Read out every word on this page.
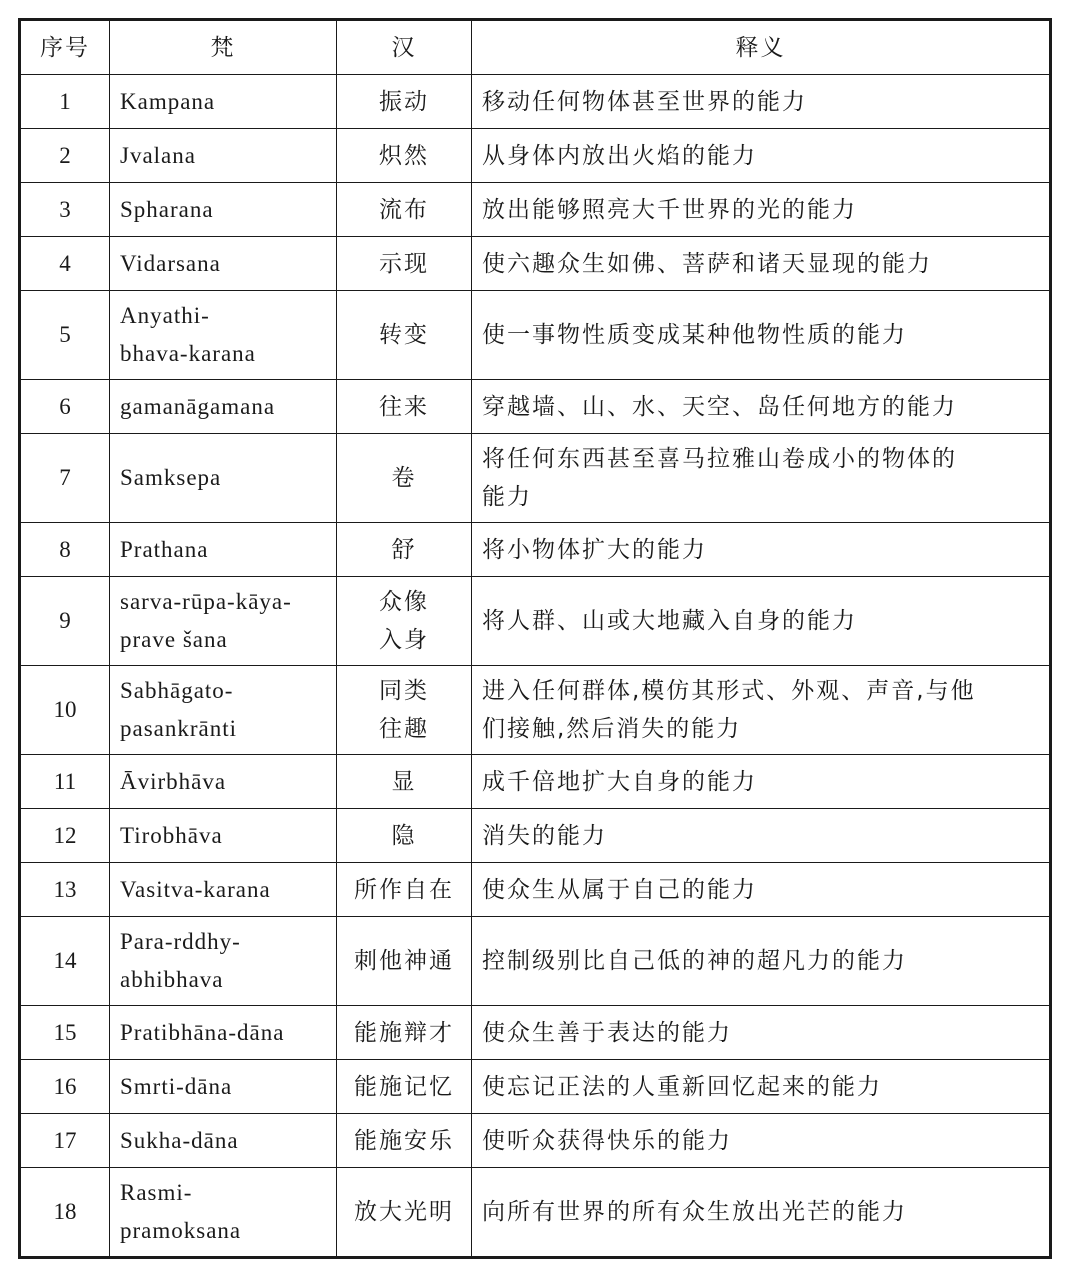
序号	梵	汉	释义
1	Kampana	振动	移动任何物体甚至世界的能力

2	Jvalana	炽然	从身体内放出火焰的能力

3	Spharana	流布	放出能够照亮大千世界的光的能力

4	Vidarsana	示现	使六趣众生如佛、菩萨和诸天显现的能力

5	Anyathi-
bhava-karana	转变	使一事物性质变成某种他物性质的能力

6	gamanāgamana	往来	穿越墙、山、水、天空、岛任何地方的能力

7	Samksepa	卷	将任何东西甚至喜马拉雅山卷成小的物体的
能力

8	Prathana	舒	将小物体扩大的能力

9	sarva-rūpa-kāya-
prave šana	众像
入身	将人群、山或大地藏入自身的能力

10	Sabhāgato-
pasankrānti	同类
往趣	进入任何群体,模仿其形式、外观、声音,与他
们接触,然后消失的能力

11	Āvirbhāva	显	成千倍地扩大自身的能力

12	Tirobhāva	隐	消失的能力

13	Vasitva-karana	所作自在	使众生从属于自己的能力

14	Para-rddhy-
abhibhava	刺他神通	控制级别比自己低的神的超凡力的能力

15	Pratibhāna-dāna	能施辩才	使众生善于表达的能力

16	Smrti-dāna	能施记忆	使忘记正法的人重新回忆起来的能力

17	Sukha-dāna	能施安乐	使听众获得快乐的能力

18	Rasmi-
pramoksana	放大光明	向所有世界的所有众生放出光芒的能力
